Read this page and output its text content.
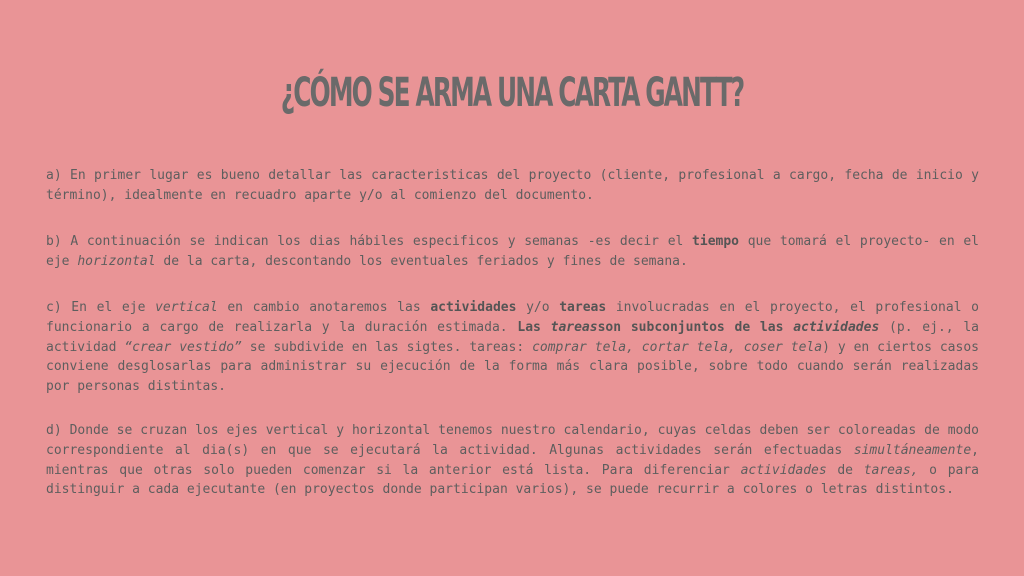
¿CÓMO SE ARMA UNA CARTA GANTT?

a) En primer lugar es bueno detallar las caracteristicas del proyecto (cliente, profesional a cargo, fecha de inicio y término), idealmente en recuadro aparte y/o al comienzo del documento.

b) A continuación se indican los dias hábiles especificos y semanas -es decir el tiempo que tomará el proyecto- en el eje horizontal de la carta, descontando los eventuales feriados y fines de semana.

c) En el eje vertical en cambio anotaremos las actividades y/o tareas involucradas en el proyecto, el profesional o funcionario a cargo de realizarla y la duración estimada. Las tareasson subconjuntos de las actividades (p. ej., la actividad “crear vestido” se subdivide en las sigtes. tareas: comprar tela, cortar tela, coser tela) y en ciertos casos conviene desglosarlas para administrar su ejecución de la forma más clara posible, sobre todo cuando serán realizadas por personas distintas.

d) Donde se cruzan los ejes vertical y horizontal tenemos nuestro calendario, cuyas celdas deben ser coloreadas de modo correspondiente al dia(s) en que se ejecutará la actividad. Algunas actividades serán efectuadas simultáneamente, mientras que otras solo pueden comenzar si la anterior está lista. Para diferenciar actividades de tareas, o para distinguir a cada ejecutante (en proyectos donde participan varios), se puede recurrir a colores o letras distintos.
